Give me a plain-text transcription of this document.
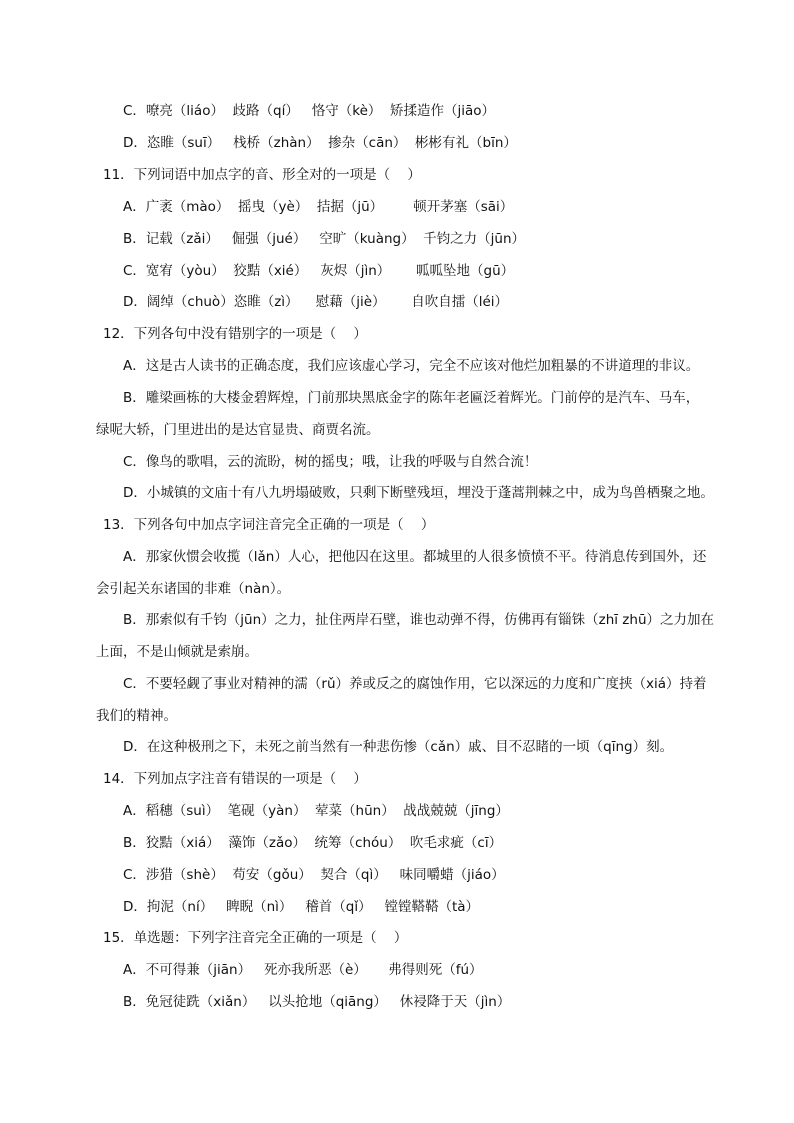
C．嘹亮（liáo）  歧路（qí）   恪守（kè）  矫揉造作（jiāo）
D．恣睢（suī）   栈桥（zhàn）  掺杂（cān）  彬彬有礼（bīn）
11．下列词语中加点字的音、形全对的一项是（    ）
A．广袤（mào）  摇曳（yè）  拮据（jū）       顿开茅塞（sāi）
B．记载（zǎi）   倔强（jué）   空旷（kuàng）  千钧之力（jūn）
C．宽宥（yòu）  狡黠（xié）   灰烬（jìn）      呱呱坠地（gū）
D．阔绰（chuò）恣睢（zì）    慰藉（jiè）      自吹自擂（léi）
12．下列各句中没有错别字的一项是（    ）
A．这是古人读书的正确态度，我们应该虚心学习，完全不应该对他烂加粗暴的不讲道理的非议。
B．雕梁画栋的大楼金碧辉煌，门前那块黑底金字的陈年老匾泛着辉光。门前停的是汽车、马车，
绿呢大轿，门里进出的是达官显贵、商贾名流。
C．像鸟的歌唱，云的流盼，树的摇曳；哦，让我的呼吸与自然合流！
D．小城镇的文庙十有八九坍塌破败，只剩下断壁残垣，埋没于蓬蒿荆棘之中，成为鸟兽栖聚之地。
13．下列各句中加点字词注音完全正确的一项是（    ）
A．那家伙惯会收揽（lǎn）人心，把他囚在这里。都城里的人很多愤愤不平。待消息传到国外，还
会引起关东诸国的非难（nàn）。
B．那索似有千钧（jūn）之力，扯住两岸石壁，谁也动弹不得，仿佛再有锱铢（zhī zhū）之力加在
上面，不是山倾就是索崩。
C．不要轻觑了事业对精神的濡（rǔ）养或反之的腐蚀作用，它以深远的力度和广度挟（xiá）持着
我们的精神。
D．在这种极刑之下，未死之前当然有一种悲伤惨（cǎn）戚、目不忍睹的一顷（qīng）刻。
14．下列加点字注音有错误的一项是（    ）
A．稻穗（suì）  笔砚（yàn）  荤菜（hūn）  战战兢兢（jīng）
B．狡黠（xiá）  藻饰（zǎo）  统筹（chóu）  吹毛求疵（cī）
C．涉猎（shè）  苟安（gǒu）  契合（qì）   味同嚼蜡（jiáo）
D．拘泥（ní）   睥睨（nì）   稽首（qǐ）   镗镗鞳鞳（tà）
15．单选题：下列字注音完全正确的一项是（    ）
A．不可得兼（jiān）   死亦我所恶（è）     弗得则死（fú）
B．免冠徒跣（xiǎn）   以头抢地（qiāng）   休祲降于天（jìn）
